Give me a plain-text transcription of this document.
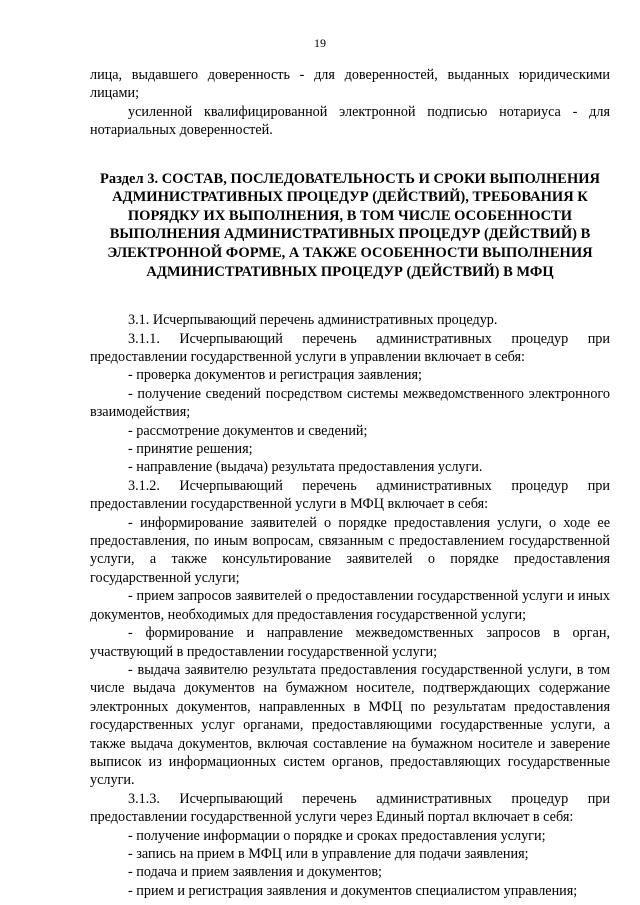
19

лица, выдавшего доверенность - для доверенностей, выданных юридическими лицами;

усиленной квалифицированной электронной подписью нотариуса - для нотариальных доверенностей.

Раздел 3. СОСТАВ, ПОСЛЕДОВАТЕЛЬНОСТЬ И СРОКИ ВЫПОЛНЕНИЯ АДМИНИСТРАТИВНЫХ ПРОЦЕДУР (ДЕЙСТВИЙ), ТРЕБОВАНИЯ К ПОРЯДКУ ИХ ВЫПОЛНЕНИЯ, В ТОМ ЧИСЛЕ ОСОБЕННОСТИ ВЫПОЛНЕНИЯ АДМИНИСТРАТИВНЫХ ПРОЦЕДУР (ДЕЙСТВИЙ) В ЭЛЕКТРОННОЙ ФОРМЕ, А ТАКЖЕ ОСОБЕННОСТИ ВЫПОЛНЕНИЯ АДМИНИСТРАТИВНЫХ ПРОЦЕДУР (ДЕЙСТВИЙ) В МФЦ

3.1. Исчерпывающий перечень административных процедур.

3.1.1. Исчерпывающий перечень административных процедур при предоставлении государственной услуги в управлении включает в себя:

- проверка документов и регистрация заявления;

- получение сведений посредством системы межведомственного электронного взаимодействия;

- рассмотрение документов и сведений;

- принятие решения;

- направление (выдача) результата предоставления услуги.

3.1.2. Исчерпывающий перечень административных процедур при предоставлении государственной услуги в МФЦ включает в себя:

- информирование заявителей о порядке предоставления услуги, о ходе ее предоставления, по иным вопросам, связанным с предоставлением государственной услуги, а также консультирование заявителей о порядке предоставления государственной услуги;

- прием запросов заявителей о предоставлении государственной услуги и иных документов, необходимых для предоставления государственной услуги;

- формирование и направление межведомственных запросов в орган, участвующий в предоставлении государственной услуги;

- выдача заявителю результата предоставления государственной услуги, в том числе выдача документов на бумажном носителе, подтверждающих содержание электронных документов, направленных в МФЦ по результатам предоставления государственных услуг органами, предоставляющими государственные услуги, а также выдача документов, включая составление на бумажном носителе и заверение выписок из информационных систем органов, предоставляющих государственные услуги.

3.1.3. Исчерпывающий перечень административных процедур при предоставлении государственной услуги через Единый портал включает в себя:

- получение информации о порядке и сроках предоставления услуги;

- запись на прием в МФЦ или в управление для подачи заявления;

- подача и прием заявления и документов;

- прием и регистрация заявления и документов специалистом управления;
